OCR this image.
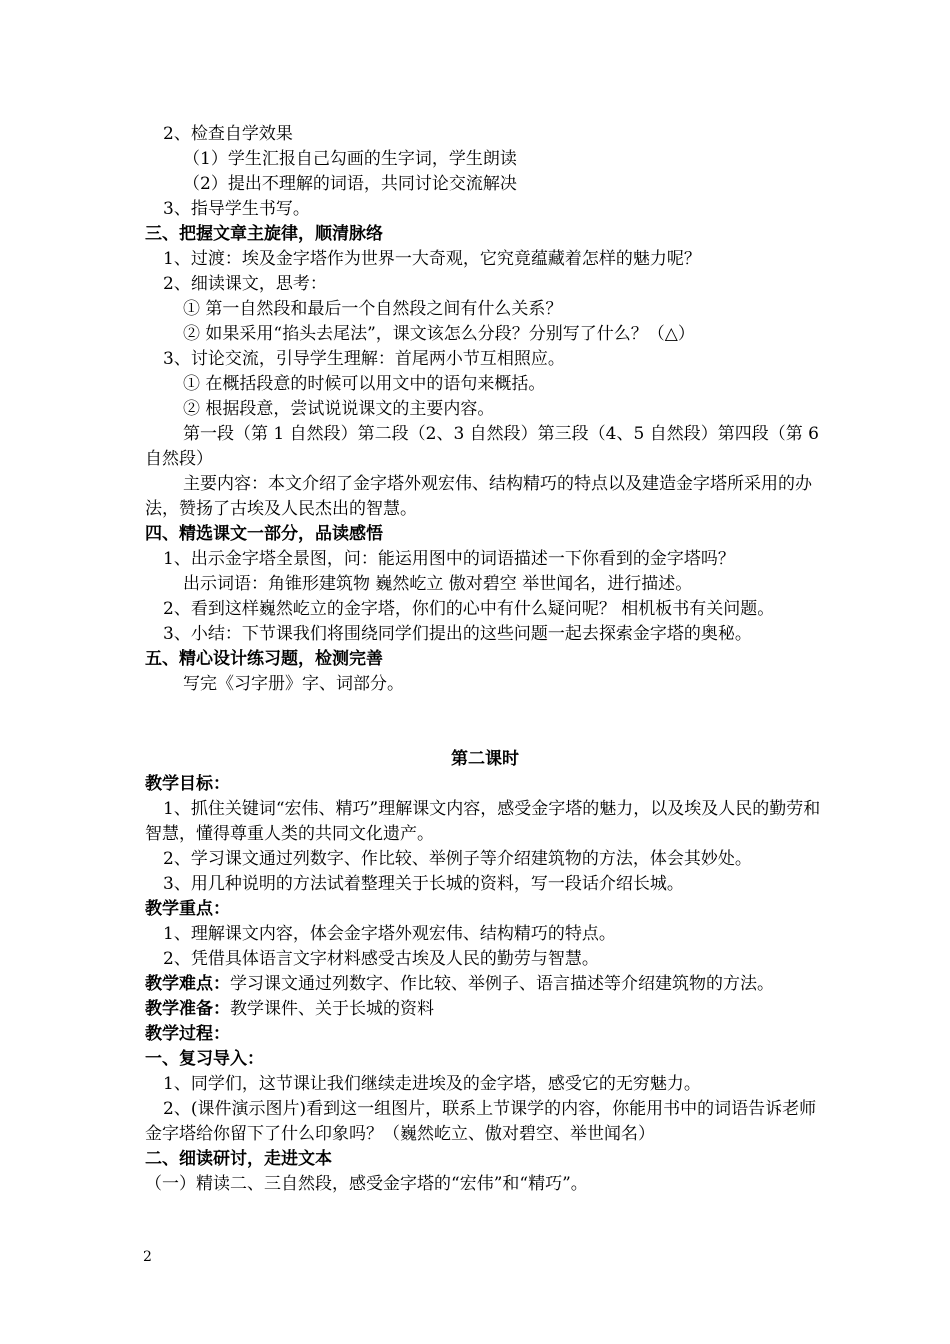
2、检查自学效果
（1）学生汇报自己勾画的生字词，学生朗读
（2）提出不理解的词语，共同讨论交流解决
3、指导学生书写。
三、把握文章主旋律，顺清脉络
1、过渡：埃及金字塔作为世界一大奇观，它究竟蕴藏着怎样的魅力呢？
2、细读课文，思考：
① 第一自然段和最后一个自然段之间有什么关系？
② 如果采用“掐头去尾法”，课文该怎么分段？分别写了什么？（△）
3、讨论交流，引导学生理解：首尾两小节互相照应。
① 在概括段意的时候可以用文中的语句来概括。
② 根据段意，尝试说说课文的主要内容。
第一段（第 1 自然段）第二段（2、3 自然段）第三段（4、5 自然段）第四段（第 6 自然段）
主要内容：本文介绍了金字塔外观宏伟、结构精巧的特点以及建造金字塔所采用的办法，赞扬了古埃及人民杰出的智慧。
四、精选课文一部分，品读感悟
1、出示金字塔全景图，问：能运用图中的词语描述一下你看到的金字塔吗？
出示词语：角锥形建筑物 巍然屹立 傲对碧空 举世闻名，进行描述。
2、看到这样巍然屹立的金字塔，你们的心中有什么疑问呢？ 相机板书有关问题。
3、小结：下节课我们将围绕同学们提出的这些问题一起去探索金字塔的奥秘。
五、精心设计练习题，检测完善
写完《习字册》字、词部分。
第二课时
教学目标：
1、抓住关键词“宏伟、精巧”理解课文内容，感受金字塔的魅力，以及埃及人民的勤劳和智慧，懂得尊重人类的共同文化遗产。
2、学习课文通过列数字、作比较、举例子等介绍建筑物的方法，体会其妙处。
3、用几种说明的方法试着整理关于长城的资料，写一段话介绍长城。
教学重点：
1、理解课文内容，体会金字塔外观宏伟、结构精巧的特点。
2、凭借具体语言文字材料感受古埃及人民的勤劳与智慧。
教学难点：学习课文通过列数字、作比较、举例子、语言描述等介绍建筑物的方法。
教学准备：教学课件、关于长城的资料
教学过程：
一、复习导入：
1、同学们，这节课让我们继续走进埃及的金字塔，感受它的无穷魅力。
2、(课件演示图片)看到这一组图片，联系上节课学的内容，你能用书中的词语告诉老师金字塔给你留下了什么印象吗？（巍然屹立、傲对碧空、举世闻名）
二、细读研讨，走进文本
（一）精读二、三自然段，感受金字塔的“宏伟”和“精巧”。
2
